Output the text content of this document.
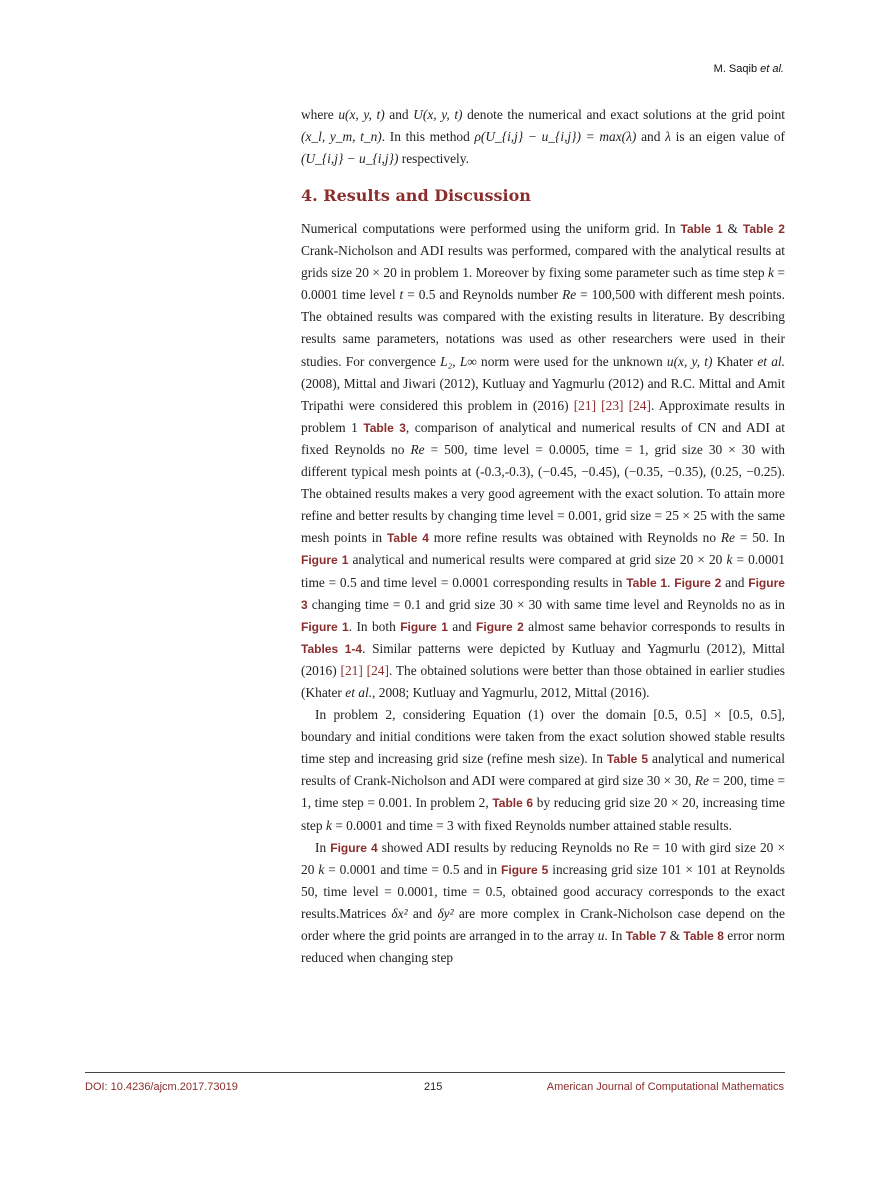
M. Saqib et al.

where u(x, y, t) and U(x, y, t) denote the numerical and exact solutions at the grid point (x_l, y_m, t_n). In this method ρ(U_{i,j} − u_{i,j}) = max(λ) and λ is an eigen value of (U_{i,j} − u_{i,j}) respectively.

4. Results and Discussion

Numerical computations were performed using the uniform grid. In Table 1 & Table 2 Crank-Nicholson and ADI results was performed, compared with the analytical results at grids size 20 × 20 in problem 1. Moreover by fixing some parameter such as time step k = 0.0001 time level t = 0.5 and Reynolds number Re = 100,500 with different mesh points. The obtained results was compared with the existing results in literature. By describing results same parameters, notations was used as other researchers were used in their studies. For convergence L₂, L∞ norm were used for the unknown u(x, y, t) Khater et al. (2008), Mittal and Jiwari (2012), Kutluay and Yagmurlu (2012) and R.C. Mittal and Amit Tripathi were considered this problem in (2016) [21] [23] [24]. Approximate results in problem 1 Table 3, comparison of analytical and numerical results of CN and ADI at fixed Reynolds no Re = 500, time level = 0.0005, time = 1, grid size 30 × 30 with different typical mesh points at (-0.3,-0.3), (−0.45, −0.45), (−0.35, −0.35), (0.25, −0.25). The obtained results makes a very good agreement with the exact solution. To attain more refine and better results by changing time level = 0.001, grid size = 25 × 25 with the same mesh points in Table 4 more refine results was obtained with Reynolds no Re = 50. In Figure 1 analytical and numerical results were compared at grid size 20 × 20 k = 0.0001 time = 0.5 and time level = 0.0001 corresponding results in Table 1. Figure 2 and Figure 3 changing time = 0.1 and grid size 30 × 30 with same time level and Reynolds no as in Figure 1. In both Figure 1 and Figure 2 almost same behavior corresponds to results in Tables 1-4. Similar patterns were depicted by Kutluay and Yagmurlu (2012), Mittal (2016) [21] [24]. The obtained solutions were better than those obtained in earlier studies (Khater et al., 2008; Kutluay and Yagmurlu, 2012, Mittal (2016).

In problem 2, considering Equation (1) over the domain [0.5, 0.5] × [0.5, 0.5], boundary and initial conditions were taken from the exact solution showed stable results time step and increasing grid size (refine mesh size). In Table 5 analytical and numerical results of Crank-Nicholson and ADI were compared at gird size 30 × 30, Re = 200, time = 1, time step = 0.001. In problem 2, Table 6 by reducing grid size 20 × 20, increasing time step k = 0.0001 and time = 3 with fixed Reynolds number attained stable results.

In Figure 4 showed ADI results by reducing Reynolds no Re = 10 with gird size 20 × 20 k = 0.0001 and time = 0.5 and in Figure 5 increasing grid size 101 × 101 at Reynolds 50, time level = 0.0001, time = 0.5, obtained good accuracy corresponds to the exact results.Matrices δx² and δy² are more complex in Crank-Nicholson case depend on the order where the grid points are arranged in to the array u. In Table 7 & Table 8 error norm reduced when changing step

DOI: 10.4236/ajcm.2017.73019	215	American Journal of Computational Mathematics
